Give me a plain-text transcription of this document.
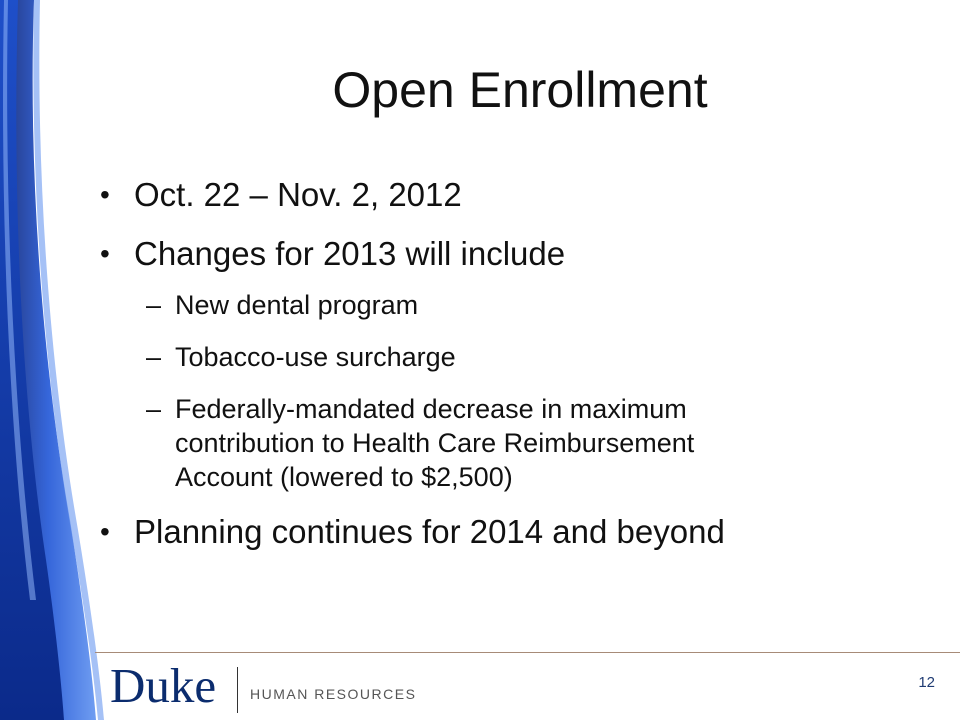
Open Enrollment
• Oct. 22 – Nov. 2, 2012
• Changes for 2013 will include
– New dental program
– Tobacco-use surcharge
– Federally-mandated decrease in maximum
contribution to Health Care Reimbursement
Account (lowered to $2,500)
• Planning continues for 2014 and beyond
Duke HUMAN RESOURCES
12
